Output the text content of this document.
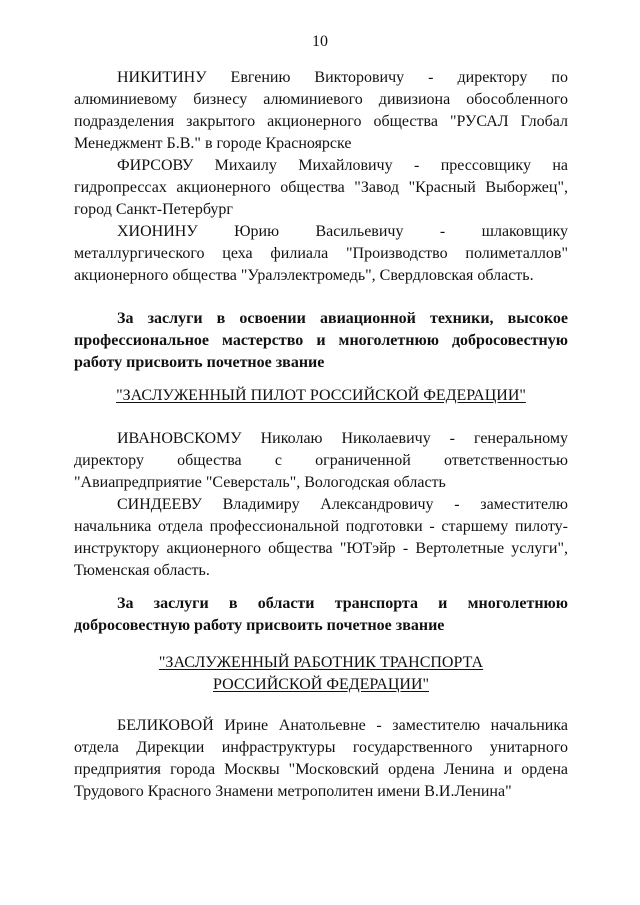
10

НИКИТИНУ Евгению Викторовичу - директору по алюминиевому бизнесу алюминиевого дивизиона обособленного подразделения закрытого акционерного общества "РУСАЛ Глобал Менеджмент Б.В." в городе Красноярске

ФИРСОВУ Михаилу Михайловичу - прессовщику на гидропрессах акционерного общества "Завод "Красный Выборжец", город Санкт-Петербург

ХИОНИНУ Юрию Васильевичу - шлаковщику металлургического цеха филиала "Производство полиметаллов" акционерного общества "Уралэлектромедь", Свердловская область.

За заслуги в освоении авиационной техники, высокое профессиональное мастерство и многолетнюю добросовестную работу присвоить почетное звание

"ЗАСЛУЖЕННЫЙ ПИЛОТ РОССИЙСКОЙ ФЕДЕРАЦИИ"

ИВАНОВСКОМУ Николаю Николаевичу - генеральному директору общества с ограниченной ответственностью "Авиапредприятие "Северсталь", Вологодская область

СИНДЕЕВУ Владимиру Александровичу - заместителю начальника отдела профессиональной подготовки - старшему пилоту-инструктору акционерного общества "ЮТэйр - Вертолетные услуги", Тюменская область.

За заслуги в области транспорта и многолетнюю добросовестную работу присвоить почетное звание

"ЗАСЛУЖЕННЫЙ РАБОТНИК ТРАНСПОРТА

РОССИЙСКОЙ ФЕДЕРАЦИИ"

БЕЛИКОВОЙ Ирине Анатольевне - заместителю начальника отдела Дирекции инфраструктуры государственного унитарного предприятия города Москвы "Московский ордена Ленина и ордена Трудового Красного Знамени метрополитен имени В.И.Ленина"
